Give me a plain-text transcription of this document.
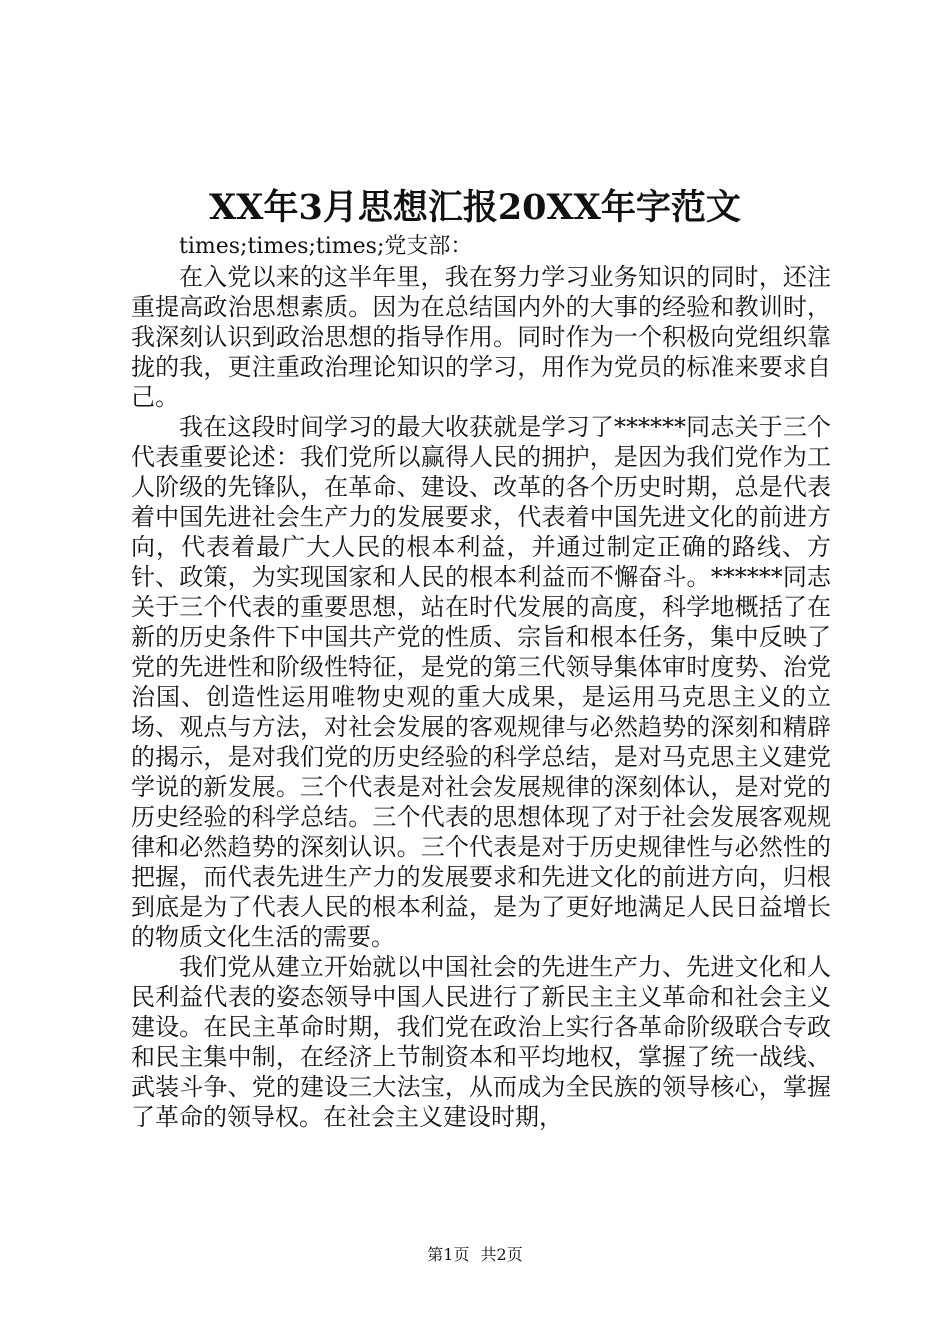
XX年3月思想汇报20XX年字范文

times;times;times;党支部：

在入党以来的这半年里，我在努力学习业务知识的同时，还注重提高政治思想素质。因为在总结国内外的大事的经验和教训时，我深刻认识到政治思想的指导作用。同时作为一个积极向党组织靠拢的我，更注重政治理论知识的学习，用作为党员的标准来要求自己。

我在这段时间学习的最大收获就是学习了******同志关于三个代表重要论述：我们党所以赢得人民的拥护，是因为我们党作为工人阶级的先锋队，在革命、建设、改革的各个历史时期，总是代表着中国先进社会生产力的发展要求，代表着中国先进文化的前进方向，代表着最广大人民的根本利益，并通过制定正确的路线、方针、政策，为实现国家和人民的根本利益而不懈奋斗。******同志关于三个代表的重要思想，站在时代发展的高度，科学地概括了在新的历史条件下中国共产党的性质、宗旨和根本任务，集中反映了党的先进性和阶级性特征，是党的第三代领导集体审时度势、治党治国、创造性运用唯物史观的重大成果，是运用马克思主义的立场、观点与方法，对社会发展的客观规律与必然趋势的深刻和精辟的揭示，是对我们党的历史经验的科学总结，是对马克思主义建党学说的新发展。三个代表是对社会发展规律的深刻体认，是对党的历史经验的科学总结。三个代表的思想体现了对于社会发展客观规律和必然趋势的深刻认识。三个代表是对于历史规律性与必然性的把握，而代表先进生产力的发展要求和先进文化的前进方向，归根到底是为了代表人民的根本利益，是为了更好地满足人民日益增长的物质文化生活的需要。

我们党从建立开始就以中国社会的先进生产力、先进文化和人民利益代表的姿态领导中国人民进行了新民主主义革命和社会主义建设。在民主革命时期，我们党在政治上实行各革命阶级联合专政和民主集中制，在经济上节制资本和平均地权，掌握了统一战线、武装斗争、党的建设三大法宝，从而成为全民族的领导核心，掌握了革命的领导权。在社会主义建设时期，

第1页 共2页
